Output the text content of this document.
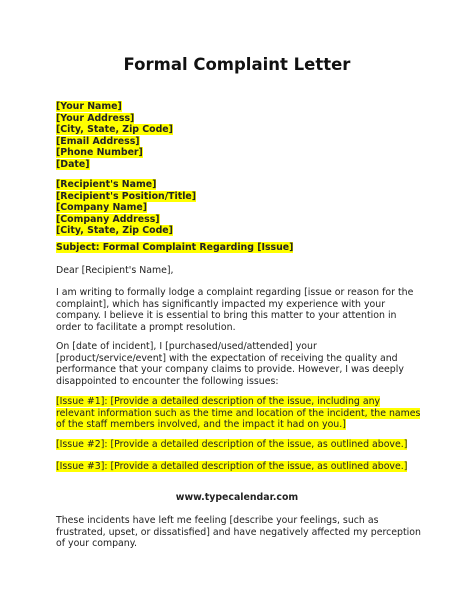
Formal Complaint Letter
[Your Name]
[Your Address]
[City, State, Zip Code]
[Email Address]
[Phone Number]
[Date]
[Recipient's Name]
[Recipient's Position/Title]
[Company Name]
[Company Address]
[City, State, Zip Code]
Subject: Formal Complaint Regarding [Issue]
Dear [Recipient's Name],
I am writing to formally lodge a complaint regarding [issue or reason for the
complaint], which has significantly impacted my experience with your
company. I believe it is essential to bring this matter to your attention in
order to facilitate a prompt resolution.
On [date of incident], I [purchased/used/attended] your
[product/service/event] with the expectation of receiving the quality and
performance that your company claims to provide. However, I was deeply
disappointed to encounter the following issues:
[Issue #1]: [Provide a detailed description of the issue, including any
relevant information such as the time and location of the incident, the names
of the staff members involved, and the impact it had on you.]
[Issue #2]: [Provide a detailed description of the issue, as outlined above.]
[Issue #3]: [Provide a detailed description of the issue, as outlined above.]
www.typecalendar.com
These incidents have left me feeling [describe your feelings, such as
frustrated, upset, or dissatisfied] and have negatively affected my perception
of your company.
